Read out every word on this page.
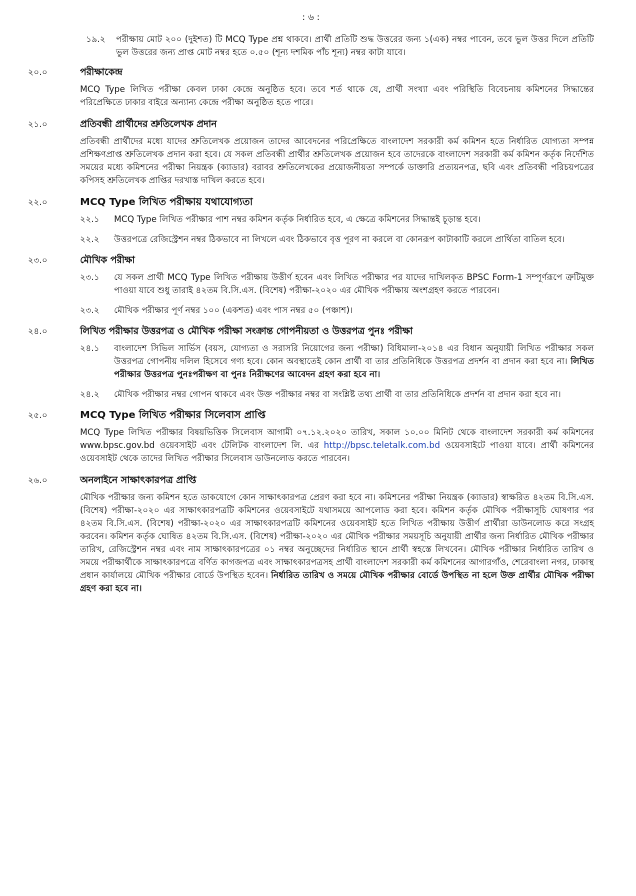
: ৬ :
১৯.২	পরীক্ষায় মোট ২০০ (দুইশত) টি MCQ Type প্রশ্ন থাকবে। প্রার্থী প্রতিটি শুদ্ধ উত্তরের জন্য ১(এক) নম্বর পাবেন, তবে ভুল উত্তর দিলে প্রতিটি ভুল উত্তরের জন্য প্রাপ্ত মোট নম্বর হতে ০.৫০ (শূন্য দশমিক পাঁচ শূন্য) নম্বর কাটা যাবে।
২০.০	পরীক্ষাকেন্দ্র
MCQ Type লিখিত পরীক্ষা কেবল ঢাকা কেন্দ্রে অনুষ্ঠিত হবে। তবে শর্ত থাকে যে, প্রার্থী সংখ্যা এবং পরিস্থিতি বিবেচনায় কমিশনের সিদ্ধান্তের পরিপ্রেক্ষিতে ঢাকার বাইরে অন্যান্য কেন্দ্রে পরীক্ষা অনুষ্ঠিত হতে পারে।
২১.০	প্রতিবন্ধী প্রার্থীদের শ্রুতিলেখক প্রদান
প্রতিবন্ধী প্রার্থীদের মধ্যে যাদের শ্রুতিলেখক প্রয়োজন তাদের আবেদনের পরিপ্রেক্ষিতে বাংলাদেশ সরকারী কর্ম কমিশন হতে নির্ধারিত যোগ্যতা সম্পন্ন প্রশিক্ষণপ্রাপ্ত শ্রুতিলেখক প্রদান করা হবে। যে সকল প্রতিবন্ধী প্রার্থীর শ্রুতিলেখক প্রয়োজন হবে তাদেরকে বাংলাদেশ সরকারী কর্ম কমিশন কর্তৃক নির্দেশিত সময়ের মধ্যে কমিশনের পরীক্ষা নিয়ন্ত্রক (ক্যাডার) বরাবর শ্রুতিলেখকের প্রয়োজনীয়তা সম্পর্কে ডাক্তারি প্রত্যয়নপত্র, ছবি এবং প্রতিবন্ধী পরিচয়পত্রের কপিসহ শ্রুতিলেখক প্রাপ্তির দরখাস্ত দাখিল করতে হবে।
২২.০	MCQ Type লিখিত পরীক্ষায় যথাযোগ্যতা
২২.১	MCQ Type লিখিত পরীক্ষার পাশ নম্বর কমিশন কর্তৃক নির্ধারিত হবে, এ ক্ষেত্রে কমিশনের সিদ্ধান্তই চূড়ান্ত হবে।
২২.২	উত্তরপত্রে রেজিস্ট্রেশন নম্বর ঠিকভাবে না লিখলে এবং ঠিকভাবে বৃত্ত পূরণ না করলে বা কোনরূপ কাটাকাটি করলে প্রার্থিতা বাতিল হবে।
২৩.০	মৌখিক পরীক্ষা
২৩.১	যে সকল প্রার্থী MCQ Type লিখিত পরীক্ষায় উত্তীর্ণ হবেন এবং লিখিত পরীক্ষার পর যাদের দাখিলকৃত BPSC Form-1 সম্পূর্ণরূপে ত্রুটিমুক্ত পাওয়া যাবে শুধু তারাই ৪২তম বি.সি.এস. (বিশেষ) পরীক্ষা-২০২০ এর মৌখিক পরীক্ষায় অংশগ্রহণ করতে পারবেন।
২৩.২	মৌখিক পরীক্ষার পূর্ণ নম্বর ১০০ (একশত) এবং পাস নম্বর ৫০ (পঞ্চাশ)।
২৪.০	লিখিত পরীক্ষার উত্তরপত্র ও মৌখিক পরীক্ষা সংক্রান্ত গোপনীয়তা ও উত্তরপত্র পুনঃ পরীক্ষা
২৪.১	বাংলাদেশ সিভিল সার্ভিস (বয়স, যোগ্যতা ও সরাসরি নিয়োগের জন্য পরীক্ষা) বিধিমালা-২০১৪ এর বিধান অনুযায়ী লিখিত পরীক্ষার সকল উত্তরপত্র গোপনীয় দলিল হিসেবে গণ্য হবে। কোন অবস্থাতেই কোন প্রার্থী বা তার প্রতিনিধিকে উত্তরপত্র প্রদর্শন বা প্রদান করা হবে না। লিখিত পরীক্ষার উত্তরপত্র পুনঃপরীক্ষণ বা পুনঃ নিরীক্ষণের আবেদন গ্রহণ করা হবে না।
২৪.২	মৌখিক পরীক্ষার নম্বর গোপন থাকবে এবং উক্ত পরীক্ষার নম্বর বা সংশ্লিষ্ট তথ্য প্রার্থী বা তার প্রতিনিধিকে প্রদর্শন বা প্রদান করা হবে না।
২৫.০	MCQ Type লিখিত পরীক্ষার সিলেবাস প্রাপ্তি
MCQ Type লিখিত পরীক্ষার বিষয়ভিত্তিক সিলেবাস আগামী ০৭.১২.২০২০ তারিখ, সকাল ১০.০০ মিনিট থেকে বাংলাদেশ সরকারী কর্ম কমিশনের www.bpsc.gov.bd ওয়েবসাইট এবং টেলিটক বাংলাদেশ লি. এর http://bpsc.teletalk.com.bd ওয়েবসাইটে পাওয়া যাবে। প্রার্থী কমিশনের ওয়েবসাইট থেকে তাদের লিখিত পরীক্ষার সিলেবাস ডাউনলোড করতে পারবেন।
২৬.০	অনলাইনে সাক্ষাৎকারপত্র প্রাপ্তি
মৌখিক পরীক্ষার জন্য কমিশন হতে ডাকযোগে কোন সাক্ষাৎকারপত্র প্রেরণ করা হবে না। কমিশনের পরীক্ষা নিয়ন্ত্রক (ক্যাডার) স্বাক্ষরিত ৪২তম বি.সি.এস. (বিশেষ) পরীক্ষা-২০২০ এর সাক্ষাৎকারপত্রটি কমিশনের ওয়েবসাইটে যথাসময়ে আপলোড করা হবে। কমিশন কর্তৃক মৌখিক পরীক্ষাসূচি ঘোষণার পর ৪২তম বি.সি.এস. (বিশেষ) পরীক্ষা-২০২০ এর সাক্ষাৎকারপত্রটি কমিশনের ওয়েবসাইট হতে লিখিত পরীক্ষায় উত্তীর্ণ প্রার্থীরা ডাউনলোড করে সংগ্রহ করবেন। কমিশন কর্তৃক ঘোষিত ৪২তম বি.সি.এস. (বিশেষ) পরীক্ষা-২০২০ এর মৌখিক পরীক্ষার সময়সূচি অনুযায়ী প্রার্থীর জন্য নির্ধারিত মৌখিক পরীক্ষার তারিখ, রেজিস্ট্রেশন নম্বর এবং নাম সাক্ষাৎকারপত্রের ০১ নম্বর অনুচ্ছেদের নির্ধারিত স্থানে প্রার্থী স্বহস্তে লিখবেন। মৌখিক পরীক্ষার নির্ধারিত তারিখ ও সময়ে পরীক্ষার্থীকে সাক্ষাৎকারপত্রে বর্ণিত কাগজপত্র এবং সাক্ষাৎকারপত্রসহ প্রার্থী বাংলাদেশ সরকারী কর্ম কমিশনের আগারগাঁও, শেরেবাংলা নগর, ঢাকাস্থ প্রধান কার্যালয়ে মৌখিক পরীক্ষার বোর্ডে উপস্থিত হবেন। নির্ধারিত তারিখ ও সময়ে মৌখিক পরীক্ষার বোর্ডে উপস্থিত না হলে উক্ত প্রার্থীর মৌখিক পরীক্ষা গ্রহণ করা হবে না।
